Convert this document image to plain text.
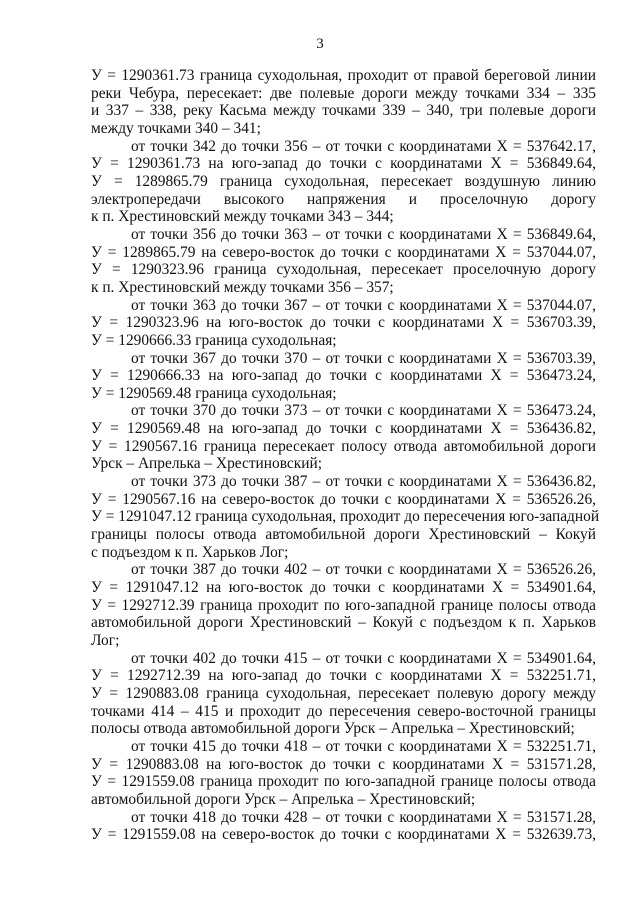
3
У = 1290361.73 граница суходольная, проходит от правой береговой линии
реки Чебура, пересекает: две полевые дороги между точками 334 – 335
и 337 – 338, реку Касьма между точками 339 – 340, три полевые дороги
между точками 340 – 341;
от точки 342 до точки 356 – от точки с координатами Х = 537642.17,
У = 1290361.73 на юго-запад до точки с координатами Х = 536849.64,
У = 1289865.79 граница суходольная, пересекает воздушную линию
электропередачи высокого напряжения и проселочную дорогу
к п. Хрестиновский между точками 343 – 344;
от точки 356 до точки 363 – от точки с координатами Х = 536849.64,
У = 1289865.79 на северо-восток до точки с координатами Х = 537044.07,
У = 1290323.96 граница суходольная, пересекает проселочную дорогу
к п. Хрестиновский между точками 356 – 357;
от точки 363 до точки 367 – от точки с координатами Х = 537044.07,
У = 1290323.96 на юго-восток до точки с координатами Х = 536703.39,
У = 1290666.33 граница суходольная;
от точки 367 до точки 370 – от точки с координатами Х = 536703.39,
У = 1290666.33 на юго-запад до точки с координатами Х = 536473.24,
У = 1290569.48 граница суходольная;
от точки 370 до точки 373 – от точки с координатами Х = 536473.24,
У = 1290569.48 на юго-запад до точки с координатами Х = 536436.82,
У = 1290567.16 граница пересекает полосу отвода автомобильной дороги
Урск – Апрелька – Хрестиновский;
от точки 373 до точки 387 – от точки с координатами Х = 536436.82,
У = 1290567.16 на северо-восток до точки с координатами Х = 536526.26,
У = 1291047.12 граница суходольная, проходит до пересечения юго-западной
границы полосы отвода автомобильной дороги Хрестиновский – Кокуй
с подъездом к п. Харьков Лог;
от точки 387 до точки 402 – от точки с координатами Х = 536526.26,
У = 1291047.12 на юго-восток до точки с координатами Х = 534901.64,
У = 1292712.39 граница проходит по юго-западной границе полосы отвода
автомобильной дороги Хрестиновский – Кокуй с подъездом к п. Харьков
Лог;
от точки 402 до точки 415 – от точки с координатами Х = 534901.64,
У = 1292712.39 на юго-запад до точки с координатами Х = 532251.71,
У = 1290883.08 граница суходольная, пересекает полевую дорогу между
точками 414 – 415 и проходит до пересечения северо-восточной границы
полосы отвода автомобильной дороги Урск – Апрелька – Хрестиновский;
от точки 415 до точки 418 – от точки с координатами Х = 532251.71,
У = 1290883.08 на юго-восток до точки с координатами Х = 531571.28,
У = 1291559.08 граница проходит по юго-западной границе полосы отвода
автомобильной дороги Урск – Апрелька – Хрестиновский;
от точки 418 до точки 428 – от точки с координатами Х = 531571.28,
У = 1291559.08 на северо-восток до точки с координатами Х = 532639.73,
